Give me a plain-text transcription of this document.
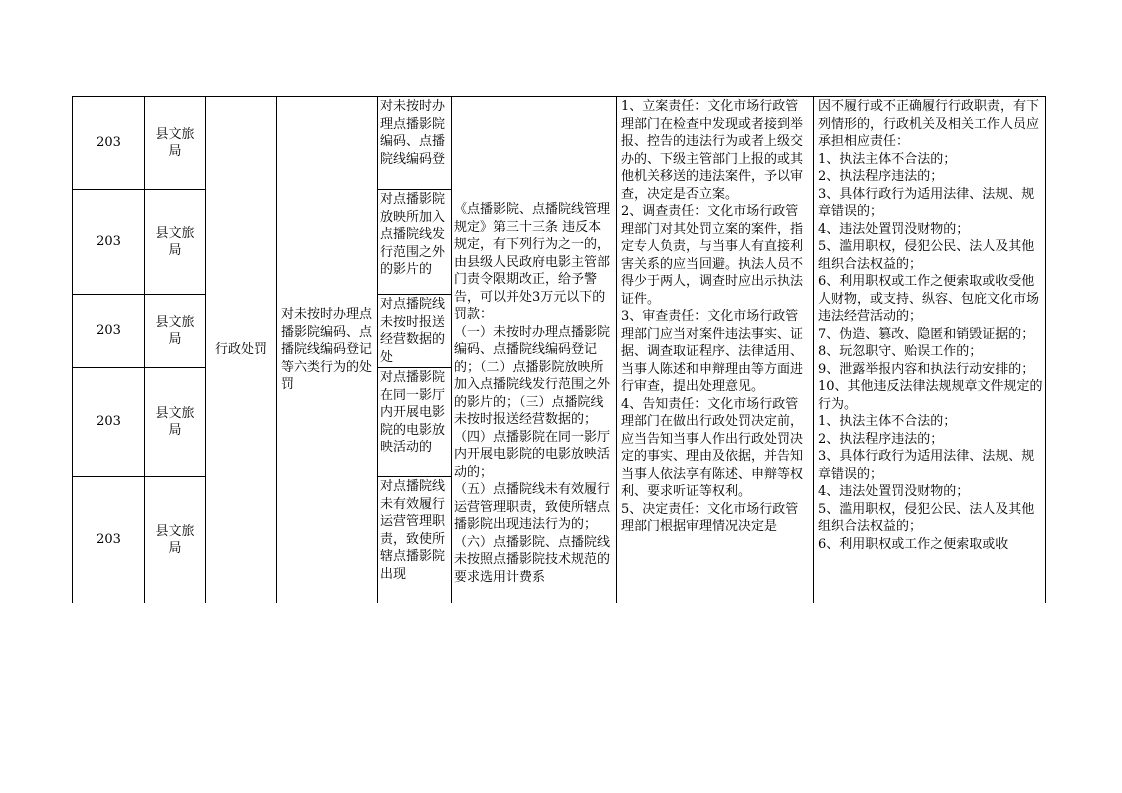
203
县文旅局
对未按时办理点播影院编码、点播院线编码登
203
县文旅局
对点播影院放映所加入点播院线发行范围之外的影片的
203
县文旅局
对点播院线未按时报送经营数据的处
203
县文旅局
对点播影院在同一影厅内开展电影院的电影放映活动的
203
县文旅局
对点播院线未有效履行运营管理职责，致使所辖点播影院出现
行政处罚
对未按时办理点播影院编码、点播院线编码登记等六类行为的处罚
《点播影院、点播院线管理规定》第三十三条 违反本规定，有下列行为之一的，由县级人民政府电影主管部门责令限期改正，给予警告，可以并处3万元以下的罚款：
（一）未按时办理点播影院编码、点播院线编码登记的；（二）点播影院放映所加入点播院线发行范围之外的影片的；（三）点播院线未按时报送经营数据的；（四）点播影院在同一影厅内开展电影院的电影放映活动的；
（五）点播院线未有效履行运营管理职责，致使所辖点播影院出现违法行为的；（六）点播影院、点播院线未按照点播影院技术规范的要求选用计费系
1、立案责任：文化市场行政管理部门在检查中发现或者接到举报、控告的违法行为或者上级交办的、下级主管部门上报的或其他机关移送的违法案件，予以审查，决定是否立案。
2、调查责任：文化市场行政管理部门对其处罚立案的案件，指定专人负责，与当事人有直接利害关系的应当回避。执法人员不得少于两人，调查时应出示执法证件。
3、审查责任：文化市场行政管理部门应当对案件违法事实、证据、调查取证程序、法律适用、当事人陈述和申辩理由等方面进行审查，提出处理意见。
4、告知责任：文化市场行政管理部门在做出行政处罚决定前，应当告知当事人作出行政处罚决定的事实、理由及依据，并告知当事人依法享有陈述、申辩等权利、要求听证等权利。
5、决定责任：文化市场行政管理部门根据审理情况决定是
因不履行或不正确履行行政职责，有下列情形的，行政机关及相关工作人员应承担相应责任：
1、执法主体不合法的；
2、执法程序违法的；
3、具体行政行为适用法律、法规、规章错误的；
4、违法处置罚没财物的；
5、滥用职权，侵犯公民、法人及其他组织合法权益的；
6、利用职权或工作之便索取或收受他人财物，或支持、纵容、包庇文化市场违法经营活动的；
7、伪造、篡改、隐匿和销毁证据的；
8、玩忽职守、贻误工作的；
9、泄露举报内容和执法行动安排的；
10、其他违反法律法规规章文件规定的行为。
1、执法主体不合法的；
2、执法程序违法的；
3、具体行政行为适用法律、法规、规章错误的；
4、违法处置罚没财物的；
5、滥用职权，侵犯公民、法人及其他组织合法权益的；
6、利用职权或工作之便索取或收
